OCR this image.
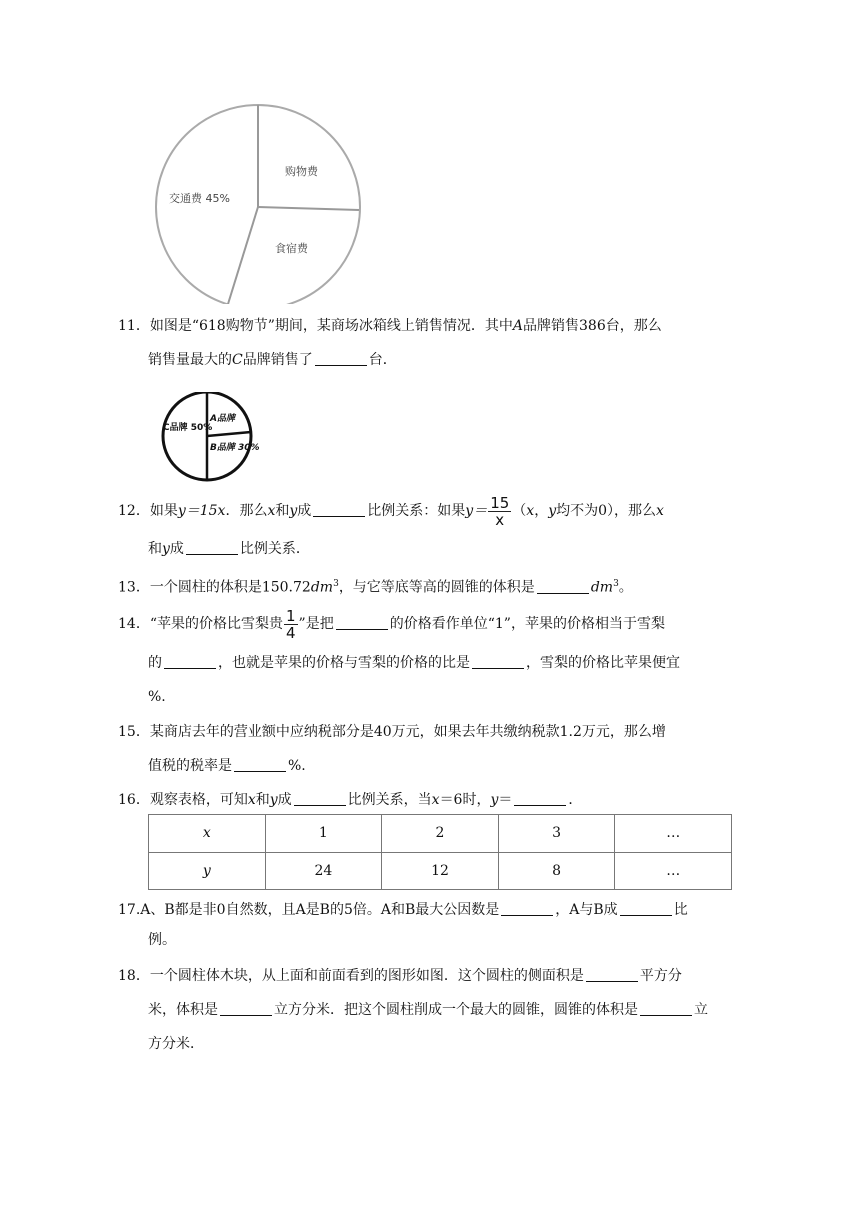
购物费
食宿费
交通费 45%
11．如图是“618购物节”期间，某商场冰箱线上销售情况．其中A品牌销售386台，那么
销售量最大的C品牌销售了	台．
A品牌
B品牌 30%
C品牌 50%
12．如果y＝15x．那么x和y成	比例关系：如果$y= \frac{15}{x} (x$，y均不为0），那么x
和y成	比例关系．
13．一个圆柱的体积是$150.72dm^3$，与它等底等高的圆锥的体积是	$dm^3$。
14．“苹果的价格比雪梨贵 $\frac{1}{4}$ ”是把	的价格看作单位“1”，苹果的价格相当于雪梨
的	，也就是苹果的价格与雪梨的价格的比是	，雪梨的价格比苹果便宜
%.
15．某商店去年的营业额中应纳税部分是40万元，如果去年共缴纳税款1.2万元，那么增
值税的税率是	%.
16．观察表格，可知x和y成	比例关系，当x＝6时，y＝	．
x	1	2	3	…
y	24	12	8	…
17.A、B都是非0自然数，且A是B的5倍。A和B最大公因数是	，A与B成	比
例。
18．一个圆柱体木块，从上面和前面看到的图形如图．这个圆柱的侧面积是	平方分
米，体积是	立方分米．把这个圆柱削成一个最大的圆锥，圆锥的体积是	立
方分米．
